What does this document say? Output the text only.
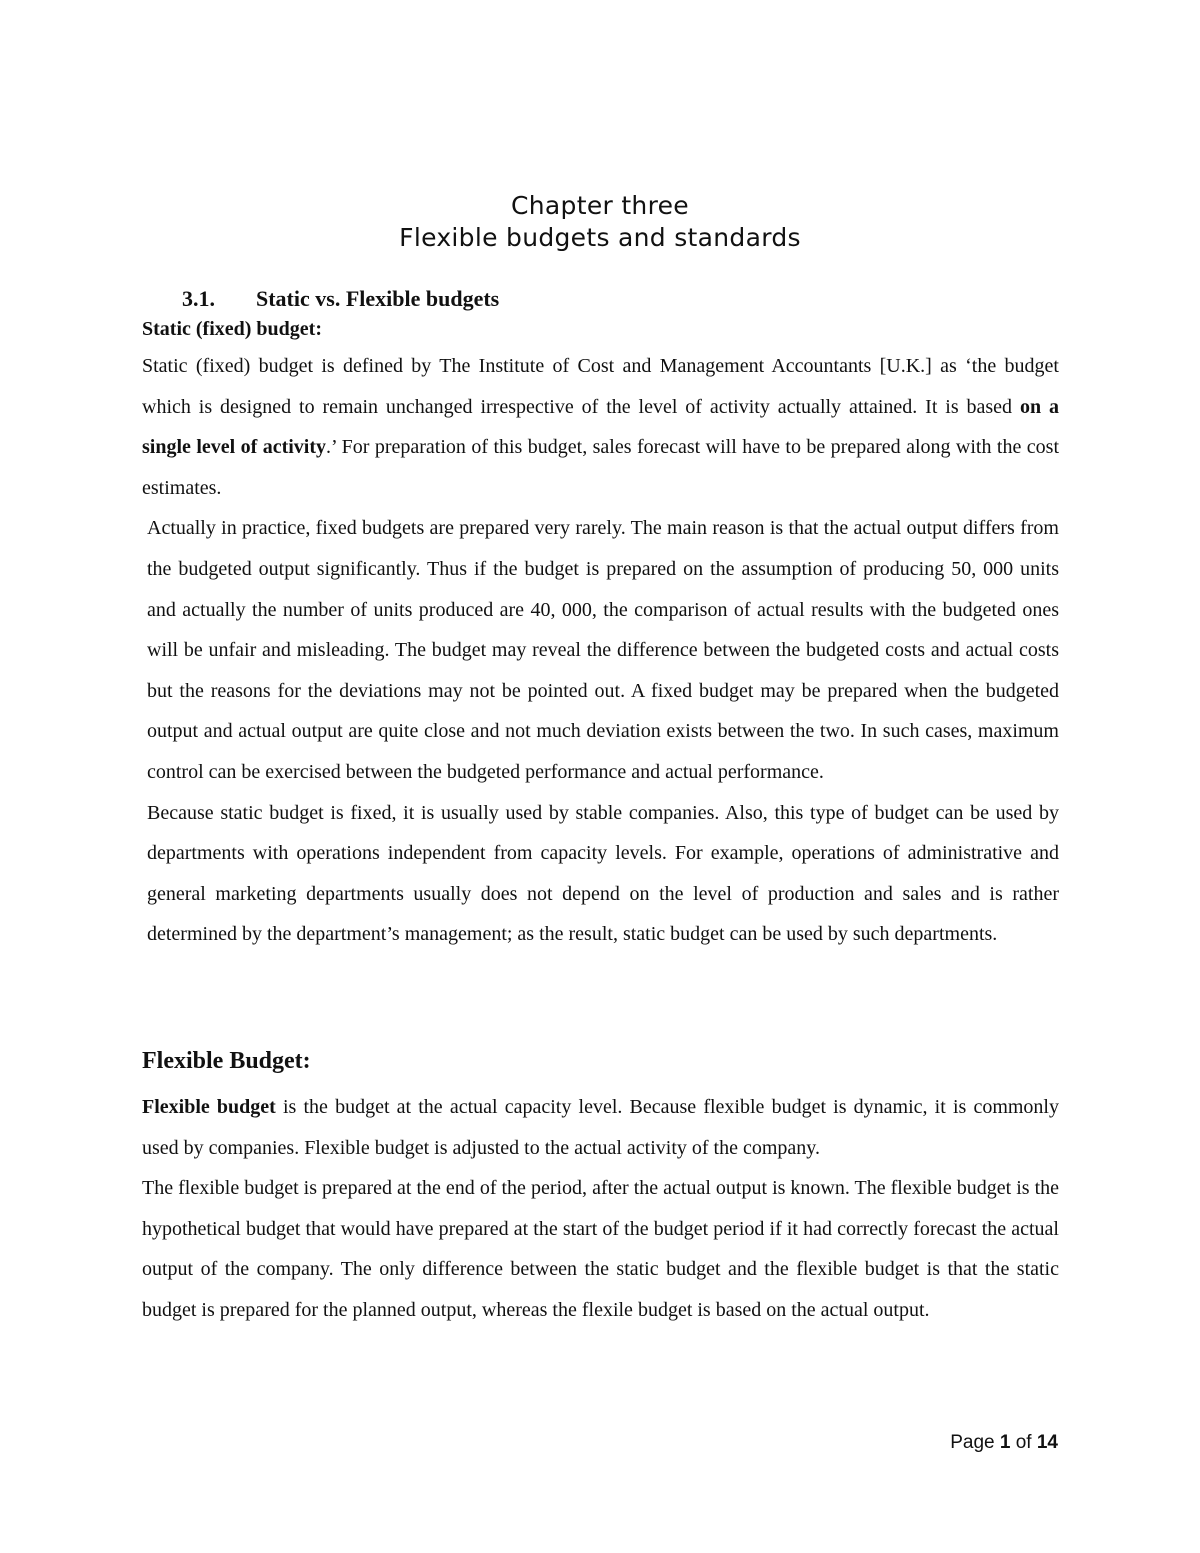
Chapter three
Flexible budgets and standards
3.1. Static vs. Flexible budgets
Static (fixed) budget:

Static (fixed) budget is defined by The Institute of Cost and Management Accountants [U.K.] as ‘the budget which is designed to remain unchanged irrespective of the level of activity actually attained. It is based on a single level of activity.’ For preparation of this budget, sales forecast will have to be prepared along with the cost estimates.

Actually in practice, fixed budgets are prepared very rarely. The main reason is that the actual output differs from the budgeted output significantly. Thus if the budget is prepared on the assumption of producing 50, 000 units and actually the number of units produced are 40, 000, the comparison of actual results with the budgeted ones will be unfair and misleading. The budget may reveal the difference between the budgeted costs and actual costs but the reasons for the deviations may not be pointed out. A fixed budget may be prepared when the budgeted output and actual output are quite close and not much deviation exists between the two. In such cases, maximum control can be exercised between the budgeted performance and actual performance.

Because static budget is fixed, it is usually used by stable companies. Also, this type of budget can be used by departments with operations independent from capacity levels. For example, operations of administrative and general marketing departments usually does not depend on the level of production and sales and is rather determined by the department’s management; as the result, static budget can be used by such departments.

Flexible Budget:

Flexible budget is the budget at the actual capacity level. Because flexible budget is dynamic, it is commonly used by companies. Flexible budget is adjusted to the actual activity of the company.

The flexible budget is prepared at the end of the period, after the actual output is known. The flexible budget is the hypothetical budget that would have prepared at the start of the budget period if it had correctly forecast the actual output of the company. The only difference between the static budget and the flexible budget is that the static budget is prepared for the planned output, whereas the flexile budget is based on the actual output.

Page 1 of 14
